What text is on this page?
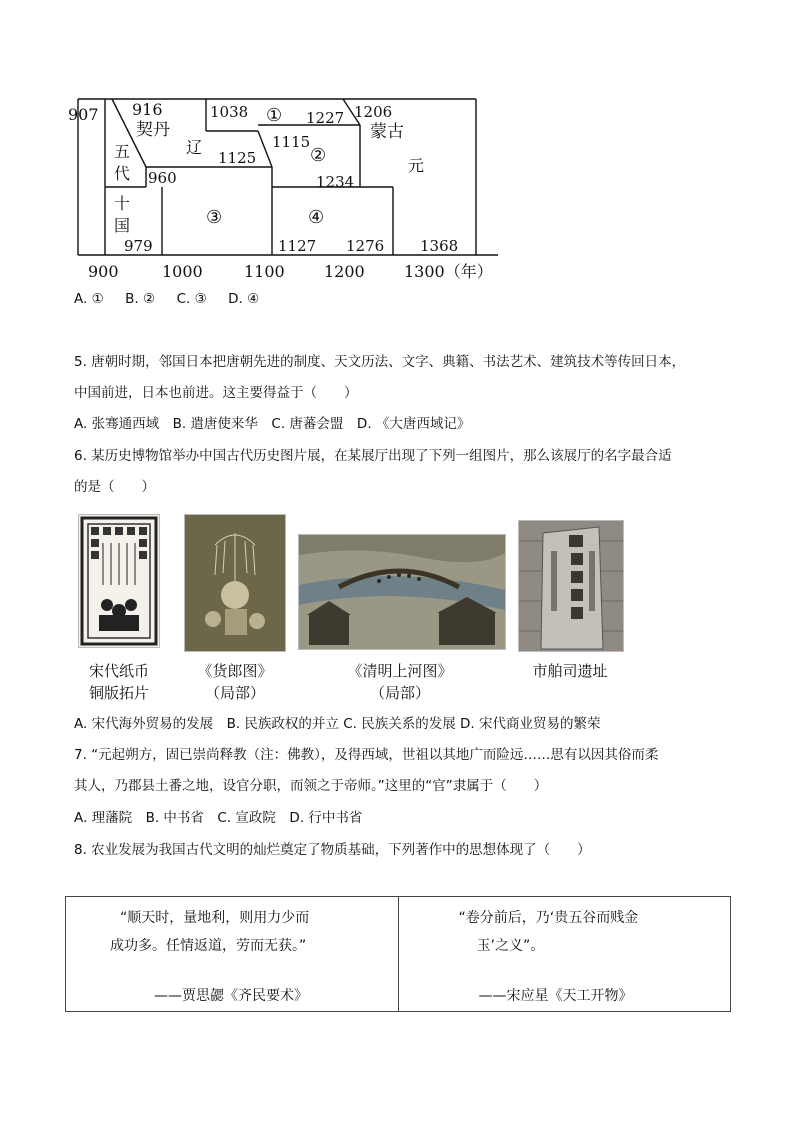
907 916
契丹
1038 ① 1227 1206
蒙古
五
代
辽	1115
②
1125
960	1234
元
十
国
979
③	④
1127 1276 1368
900	1000	1100 1200 1300（年）
A. ① B. ② C. ③ D. ④
5. 唐朝时期，邻国日本把唐朝先进的制度、天文历法、文字、典籍、书法艺术、建筑技术等传回日本，
中国前进，日本也前进。这主要得益于（　　）
A. 张骞通西域　B. 遣唐使来华　C. 唐蕃会盟　D. 《大唐西域记》
6. 某历史博物馆举办中国古代历史图片展，在某展厅出现了下列一组图片，那么该展厅的名字最合适
的是（　　）
宋代纸币
铜版拓片
《货郎图》
（局部）
《清明上河图》
（局部）
市舶司遗址
A. 宋代海外贸易的发展　B. 民族政权的并立 C. 民族关系的发展 D. 宋代商业贸易的繁荣
7. “元起朔方，固已崇尚释教（注：佛教），及得西域，世祖以其地广而险远……思有以因其俗而柔
其人，乃郡县土番之地，设官分职，而领之于帝师。”这里的“官”隶属于（　　）
A. 理藩院　B. 中书省　C. 宣政院　D. 行中书省
8. 农业发展为我国古代文明的灿烂奠定了物质基础，下列著作中的思想体现了（　　）
“顺天时，量地利，则用力少而
成功多。任情返道，劳而无获。”
——贾思勰《齐民要术》
“卷分前后，乃‘贵五谷而贱金
玉’之义”。
——宋应星《天工开物》
